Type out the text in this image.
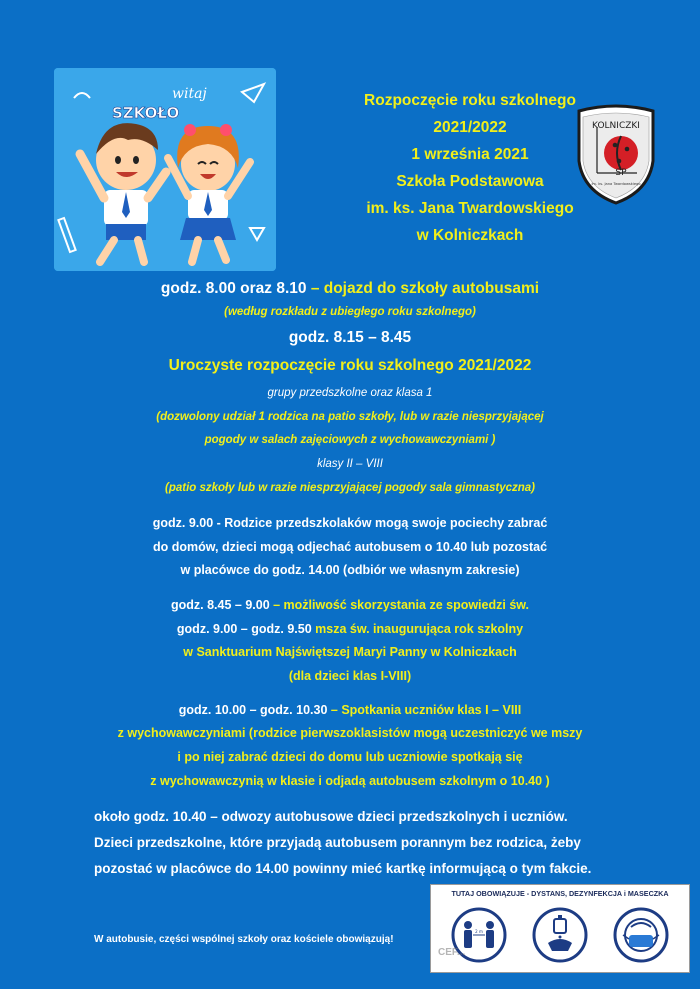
witaj
SZKOŁO
Rozpoczęcie roku szkolnego
2021/2022
1 września 2021
Szkoła Podstawowa
im. ks. Jana Twardowskiego
w Kolniczkach
KOLNICZKI
SP
im. ks. Jana Twardowskiego
godz. 8.00 oraz 8.10 – dojazd do szkoły autobusami
(według rozkładu z ubiegłego roku szkolnego)
godz. 8.15 – 8.45
Uroczyste rozpoczęcie roku szkolnego 2021/2022
grupy przedszkolne oraz klasa 1
(dozwolony udział 1 rodzica na patio szkoły, lub w razie niesprzyjającej
pogody w salach zajęciowych z wychowawczyniami )
klasy II – VIII
(patio szkoły lub w razie niesprzyjającej pogody sala gimnastyczna)
godz. 9.00 - Rodzice przedszkolaków mogą swoje pociechy zabrać
do domów, dzieci mogą odjechać autobusem o 10.40 lub pozostać
w placówce do godz. 14.00 (odbiór we własnym zakresie)
godz. 8.45 – 9.00 – możliwość skorzystania ze spowiedzi św.
godz. 9.00 – godz. 9.50 msza św. inaugurująca rok szkolny
w Sanktuarium Najświętszej Maryi Panny w Kolniczkach
(dla dzieci klas I-VIII)
godz. 10.00 – godz. 10.30 – Spotkania uczniów klas I – VIII
z wychowawczyniami (rodzice pierwszoklasistów mogą uczestniczyć we mszy
i po niej zabrać dzieci do domu lub uczniowie spotkają się
z wychowawczynią w klasie i odjadą autobusem szkolnym o 10.40 )
około godz. 10.40 – odwozy autobusowe dzieci przedszkolnych i uczniów.
Dzieci przedszkolne, które przyjadą autobusem porannym bez rodzica, żeby
pozostać w placówce do 14.00 powinny mieć kartkę informującą o tym fakcie.
W autobusie, części wspólnej szkoły oraz kościele obowiązują!
TUTAJ OBOWIĄZUJE - DYSTANS, DEZYNFEKCJA i MASECZKA
2 m
CEF...
